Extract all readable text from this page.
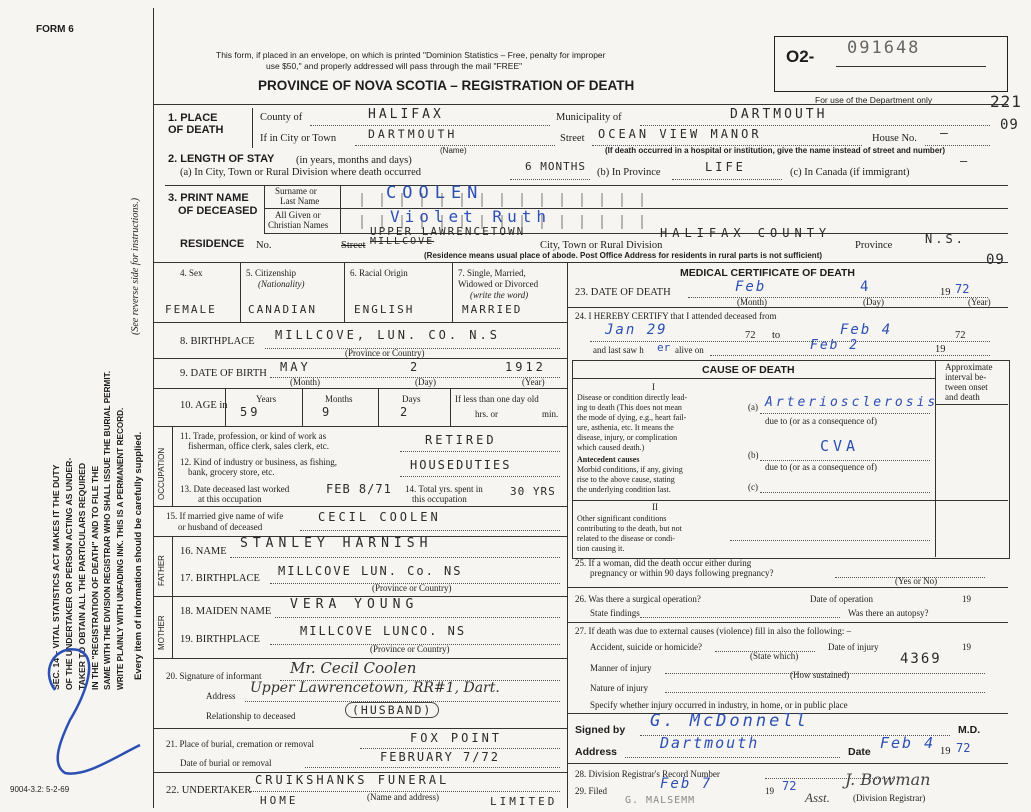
FORM 6
SEC. 14 – VITAL STATISTICS ACT MAKES IT THE DUTY OF THE UNDERTAKER OR PERSON ACTING AS UNDER- TAKER TO OBTAIN ALL THE PARTICULARS REQUIRED IN THE "REGISTRATION OF DEATH" AND TO FILE THE SAME WITH THE DIVISION REGISTRAR WHO SHALL ISSUE THE BURIAL PERMIT. WRITE PLAINLY WITH UNFADING INK. THIS IS A PERMANENT RECORD.
(See reverse side for instructions.)
Every item of information should be carefully supplied.
9004-3.2: 5-2-69
This form, if placed in an envelope, on which is printed "Dominion Statistics – Free, penalty for improper
use $50," and properly addressed will pass through the mail "FREE"
PROVINCE OF NOVA SCOTIA – REGISTRATION OF DEATH
O2- 091648
For use of the Department only	221
09
09
1. PLACE OF DEATH
County of	HALIFAX	Municipality of	DARTMOUTH
If in City or Town	DARTMOUTH
(Name)
Street OCEAN VIEW MANOR	House No. —
(If death occurred in a hospital or institution, give the name instead of street and number)
2. LENGTH OF STAY (in years, months and days)
(a) In City, Town or Rural Division where death occurred	6 MONTHS (b) In Province	LIFE	(c) In Canada (if immigrant)
—
3. PRINT NAME
OF DECEASED
Surname or
Last Name	COOLEN
All Given or
Christian Names	Violet Ruth
RESIDENCE No.	Street
UPPER LAWRENCETOWN
MILLCOVE	City, Town or Rural Division
HALIFAX COUNTY
Province	N.S.
(Residence means usual place of abode. Post Office Address for residents in rural parts is not sufficient)
4. Sex	5. Citizenship
(Nationality)
6. Racial Origin	7. Single, Married,
Widowed or Divorced
(write the word)
FEMALE	CANADIAN	ENGLISH	MARRIED
8. BIRTHPLACE MILLCOVE, LUN. CO. N.S
(Province or Country)
9. DATE OF BIRTH MAY	2	1912
(Month)	(Day)	(Year)
10. AGE in
Years	Months	Days
59	9	2
If less than one day old
hrs. or	min.
OCCUPATION
11. Trade, profession, or kind of work as
fisherman, office clerk, sales clerk, etc.	RETIRED
12. Kind of industry or business, as fishing,
bank, grocery store, etc.	HOUSEDUTIES
13. Date deceased last worked
at this occupation
FEB 8/71 14. Total yrs. spent in
this occupation
30 YRS
15. If married give name of wife
or husband of deceased
CECIL COOLEN
FATHER
16. NAME
STANLEY HARNISH
17. BIRTHPLACE
MILLCOVE LUN. Co. NS
(Province or Country)
MOTHER
18. MAIDEN NAME VERA YOUNG
19. BIRTHPLACE
MILLCOVE LUNCO. NS
(Province or Country)
20. Signature of informant Mr. Cecil Coolen
Address Upper Lawrencetown, RR#1, Dart.
Relationship to deceased	(HUSBAND)
21. Place of burial, cremation or removal	FOX POINT
Date of burial or removal	FEBRUARY 7/72
22. UNDERTAKER
CRUIKSHANKS FUNERAL
HOME	LIMITED
(Name and address)
MEDICAL CERTIFICATE OF DEATH
23. DATE OF DEATH	Feb	4	19 72
(Month)	(Day)	(Year)
24. I HEREBY CERTIFY that I attended deceased from
Jan 29	to
72	Feb 4	72
and last saw h er alive on	Feb 2	19
CAUSE OF DEATH	Approximate
interval be-
tween onset
and death
I
Disease or condition directly lead-
ing to death (This does not mean
the mode of dying, e.g., heart fail-
ure, asthenia, etc. It means the
disease, injury, or complication
which caused death.)
(a) Arteriosclerosis
due to (or as a consequence of)
(b)	CVA
due to (or as a consequence of)
(c)
Antecedent causes
Morbid conditions, if any, giving
rise to the above cause, stating
the underlying condition last.
II
Other significant conditions
contributing to the death, but not
related to the disease or condi-
tion causing it.
25. If a woman, did the death occur either during
pregnancy or within 90 days following pregnancy?
(Yes or No)
26. Was there a surgical operation?	Date of operation	19
State findings	Was there an autopsy?
27. If death was due to external causes (violence) fill in also the following: –
Accident, suicide or homicide?
(State which)
Date of injury	19
Manner of injury
4369
(How sustained)
Nature of injury
Specify whether injury occurred in industry, in home, or in public place
Signed by G. McDonnell	M.D.
Address	Dartmouth	Date Feb 4 19 72
28. Division Registrar's Record Number
29. Filed	Feb 7	19 72
G. MALSEMM	Asst.
J. Bowman
(Division Registrar)
